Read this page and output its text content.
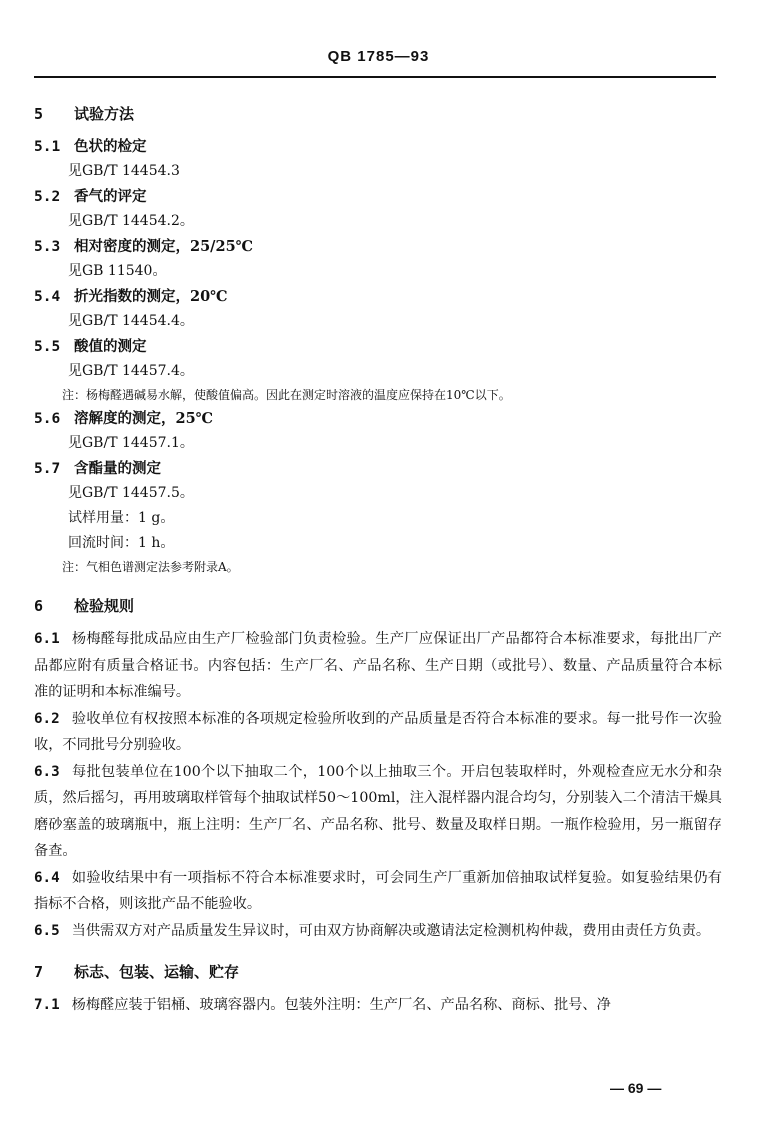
QB 1785—93
5 试验方法
5.1 色状的检定
见GB/T 14454.3
5.2 香气的评定
见GB/T 14454.2。
5.3 相对密度的测定，25/25℃
见GB 11540。
5.4 折光指数的测定，20℃
见GB/T 14454.4。
5.5 酸值的测定
见GB/T 14457.4。
注：杨梅醛遇碱易水解，使酸值偏高。因此在测定时溶液的温度应保持在10℃以下。
5.6 溶解度的测定，25℃
见GB/T 14457.1。
5.7 含酯量的测定
见GB/T 14457.5。
试样用量：1 g。
回流时间：1 h。
注：气相色谱测定法参考附录A。
6 检验规则
6.1 杨梅醛每批成品应由生产厂检验部门负责检验。生产厂应保证出厂产品都符合本标准要求，每批出厂产品都应附有质量合格证书。内容包括：生产厂名、产品名称、生产日期（或批号）、数量、产品质量符合本标准的证明和本标准编号。
6.2 验收单位有权按照本标准的各项规定检验所收到的产品质量是否符合本标准的要求。每一批号作一次验收，不同批号分别验收。
6.3 每批包装单位在100个以下抽取二个，100个以上抽取三个。开启包装取样时，外观检查应无水分和杂质，然后摇匀，再用玻璃取样管每个抽取试样50～100ml，注入混样器内混合均匀，分别装入二个清洁干燥具磨砂塞盖的玻璃瓶中，瓶上注明：生产厂名、产品名称、批号、数量及取样日期。一瓶作检验用，另一瓶留存备查。
6.4 如验收结果中有一项指标不符合本标准要求时，可会同生产厂重新加倍抽取试样复验。如复验结果仍有指标不合格，则该批产品不能验收。
6.5 当供需双方对产品质量发生异议时，可由双方协商解决或邀请法定检测机构仲裁，费用由责任方负责。
7 标志、包装、运输、贮存
7.1 杨梅醛应装于铝桶、玻璃容器内。包装外注明：生产厂名、产品名称、商标、批号、净
— 69 —
